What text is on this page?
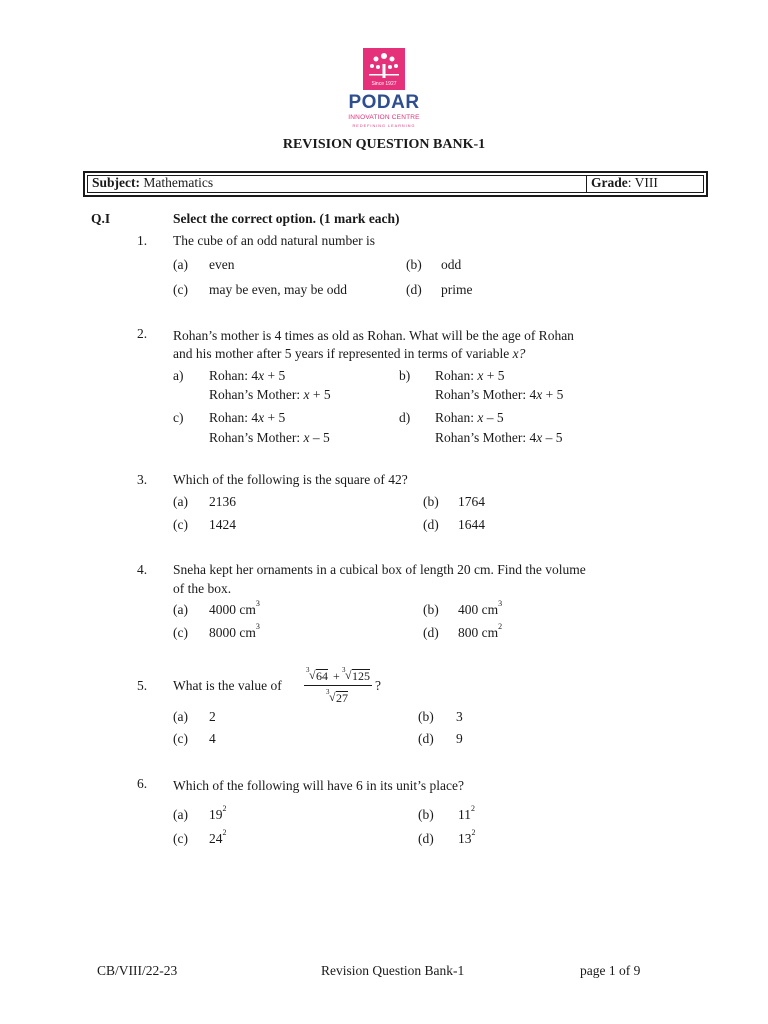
Since 1927
PODAR
INNOVATION CENTRE
REDEFINING LEARNING
REVISION QUESTION BANK-1
Subject: Mathematics	Grade: VIII
Q.I	Select the correct option. (1 mark each)
1. The cube of an odd natural number is
(a) even	(b) odd
(c) may be even, may be odd	(d) prime
2. Rohan’s mother is 4 times as old as Rohan. What will be the age of Rohan
and his mother after 5 years if represented in terms of variable x?
a) Rohan: 4x + 5
Rohan’s Mother: x + 5
b) Rohan: x + 5
Rohan’s Mother: 4x + 5
c) Rohan: 4x + 5
Rohan’s Mother: x – 5
d) Rohan: x – 5
Rohan’s Mother: 4x – 5
3. Which of the following is the square of 42?
(a) 2136	(b) 1764
(c) 1424	(d) 1644
4. Sneha kept her ornaments in a cubical box of length 20 cm. Find the volume
of the box.
(a) 4000 $cm^3$	(b) 400 $cm^3$
(c) 8000 $cm^3$	(d) 800 $cm^2$
5. What is the value of
3 √ 64 + 3 √ 125
3 √ 27
?
(a) 2	(b) 3
(c) 4	(d) 9
6. Which of the following will have 6 in its unit’s place?
(a) $19^2$	(b) $11^2$
(c) $24^2$	(d) $13^2$
CB/VIII/22-23	Revision Question Bank-1	page 1 of 9
